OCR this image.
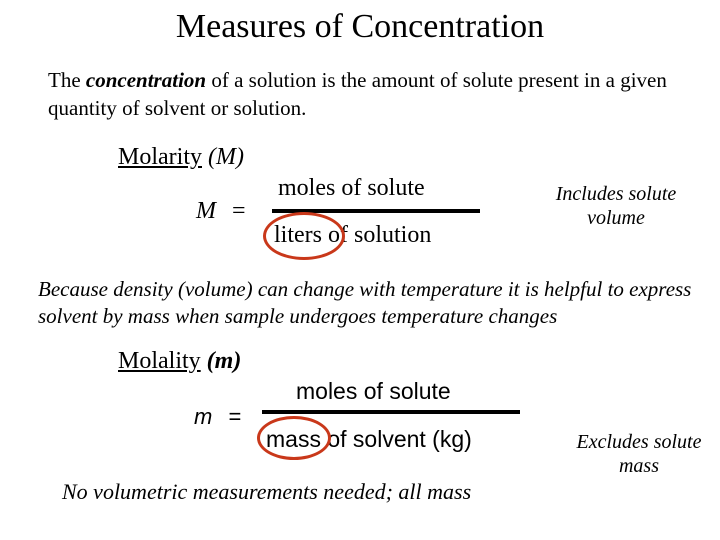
Measures of Concentration
The concentration of a solution is the amount of solute present in a given quantity of solvent or solution.
Molarity (M)
M =
moles of solute
liters of solution
Includes solute volume
Because density (volume) can change with temperature it is helpful to express solvent by mass when sample undergoes temperature changes
Molality (m)
m =
moles of solute
mass of solvent (kg)	Excludes solute mass
No volumetric measurements needed; all mass
